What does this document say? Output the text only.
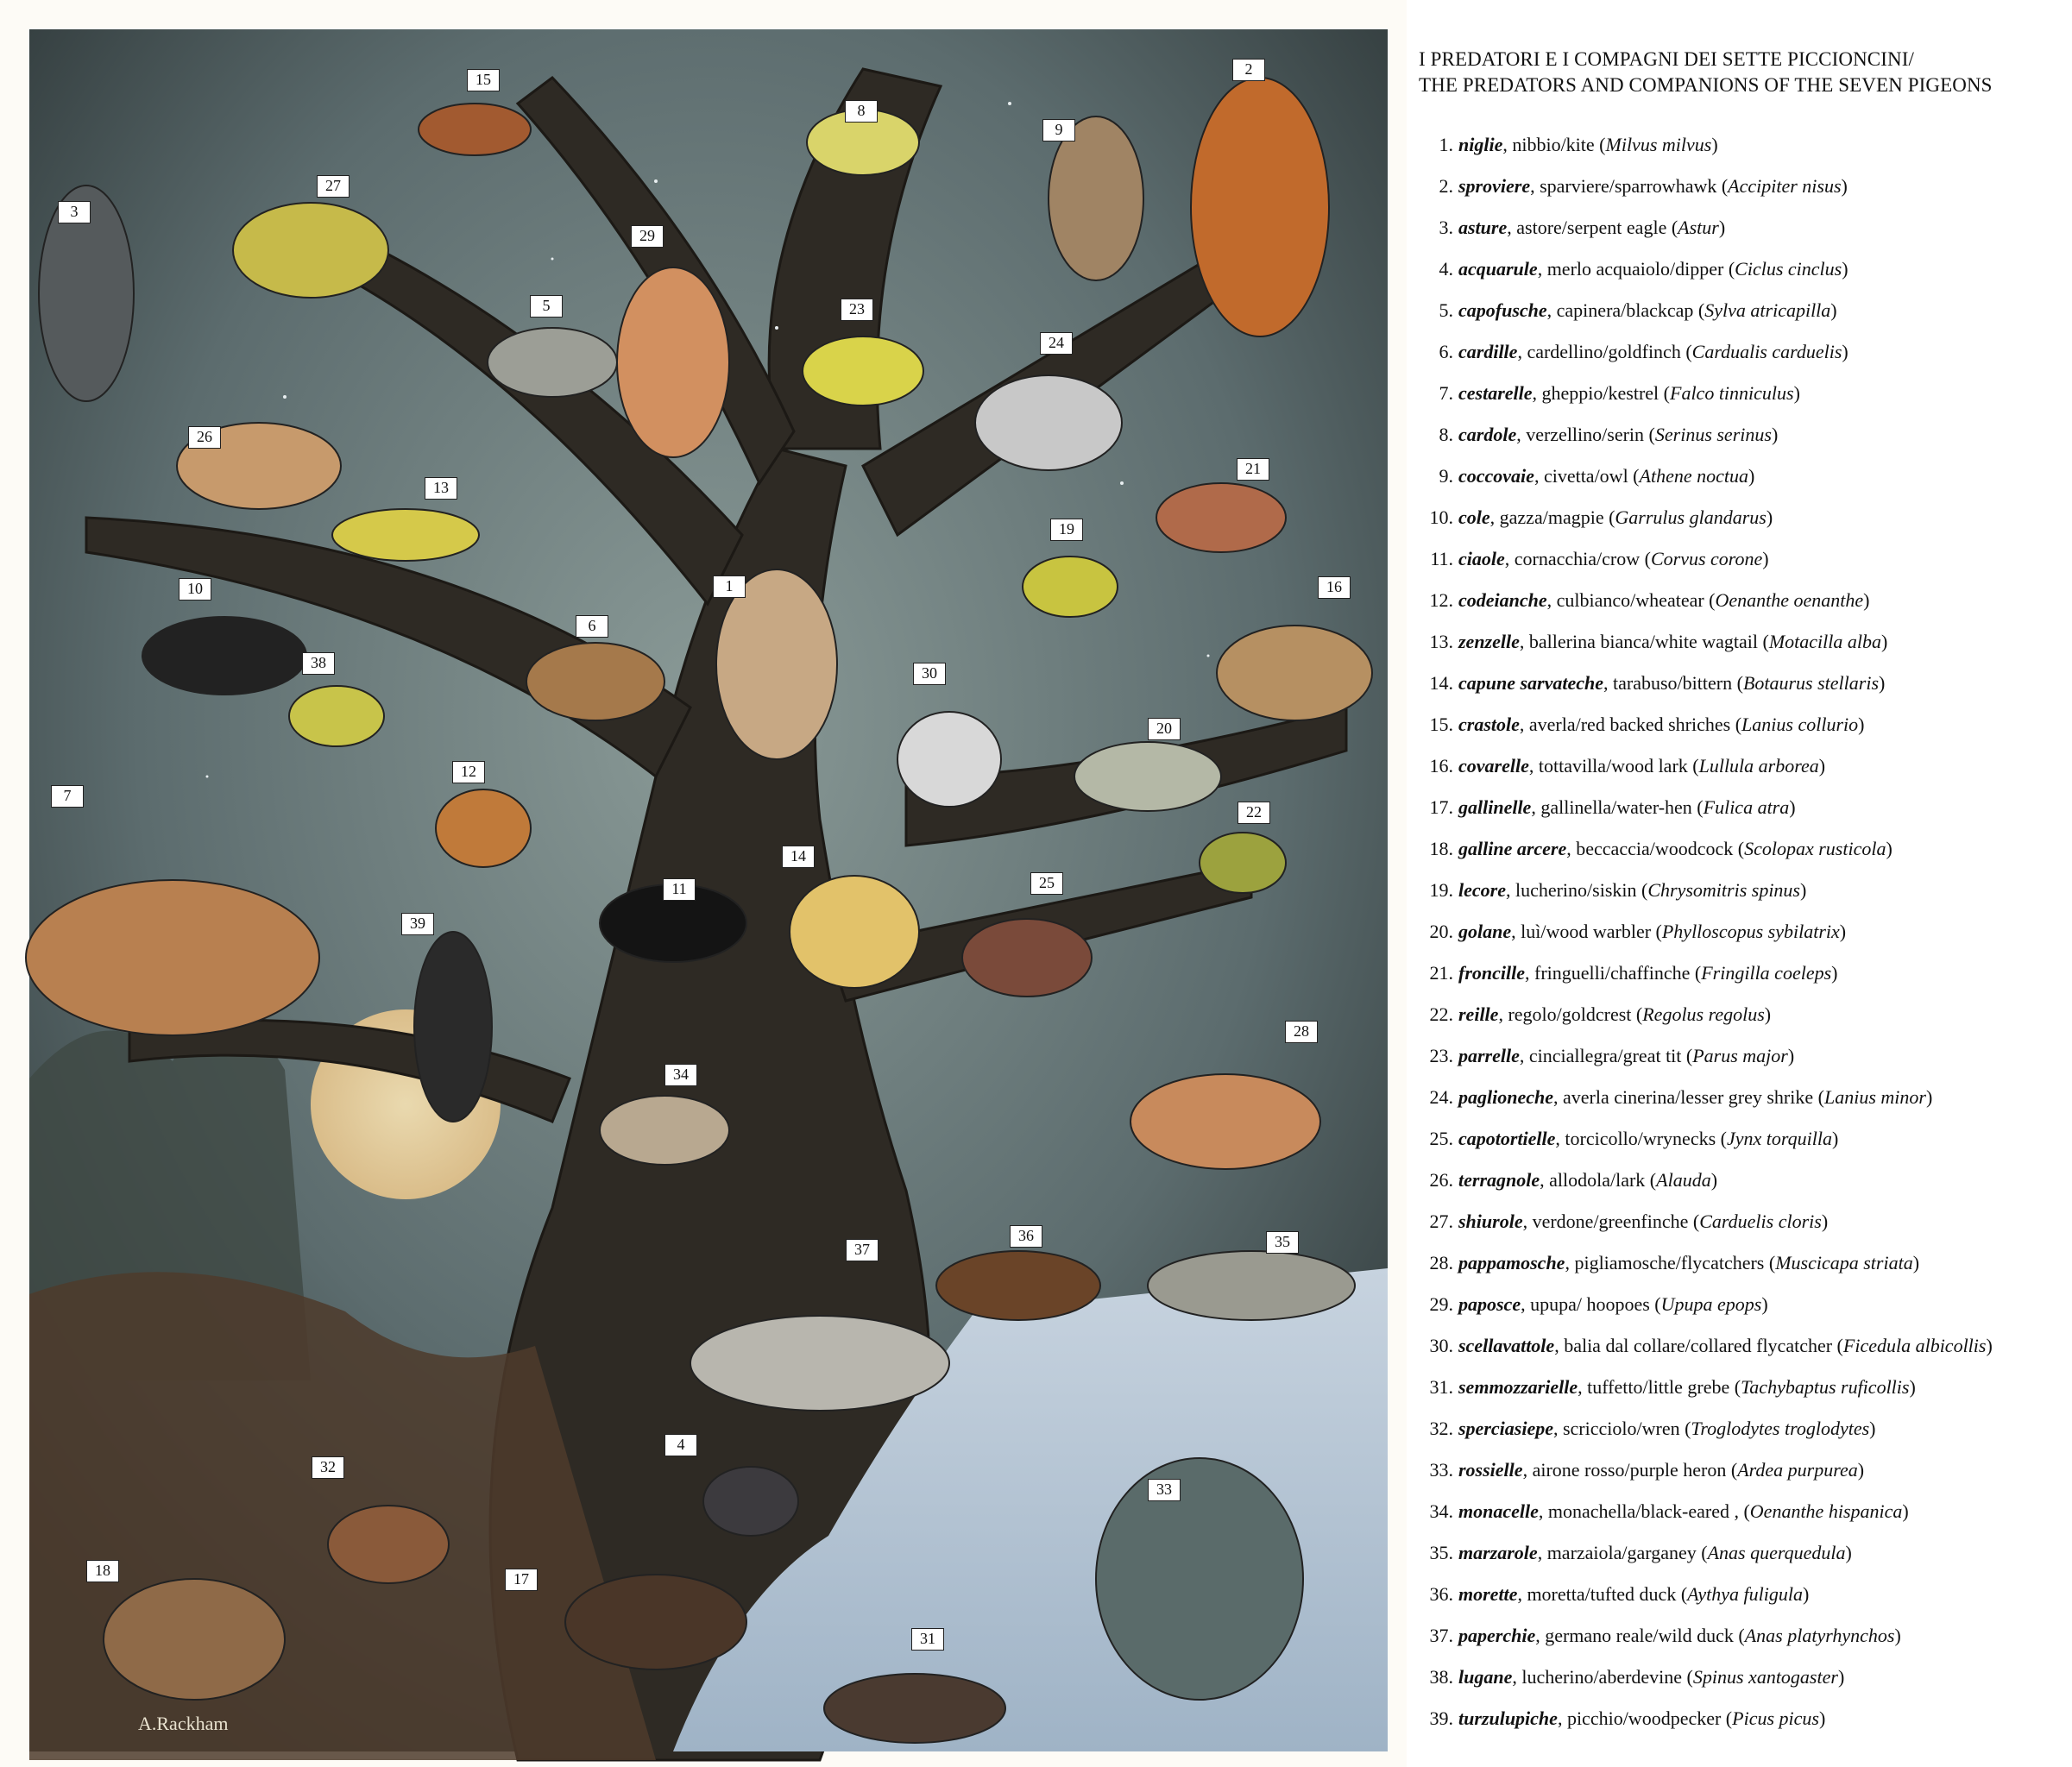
A.Rackham
15
2
8
27
9
3
29
5	23
24
26
13
21
1
19
16
10
6
38
30
20
12
7
22
14
11	25
39
28
34
37
36	35
4
32
33
18	17
31
I PREDATORI E I COMPAGNI DEI SETTE PICCIONCINI/
THE PREDATORS AND COMPANIONS OF THE SEVEN PIGEONS
1. niglie, nibbio/kite (Milvus milvus)
2. sproviere, sparviere/sparrowhawk (Accipiter nisus)
3. asture, astore/serpent eagle (Astur)
4. acquarule, merlo acquaiolo/dipper (Ciclus cinclus)
5. capofusche, capinera/blackcap (Sylva atricapilla)
6. cardille, cardellino/goldfinch (Cardualis carduelis)
7. cestarelle, gheppio/kestrel (Falco tinniculus)
8. cardole, verzellino/serin (Serinus serinus)
9. coccovaie, civetta/owl (Athene noctua)
10. cole, gazza/magpie (Garrulus glandarus)
11. ciaole, cornacchia/crow (Corvus corone)
12. codeianche, culbianco/wheatear (Oenanthe oenanthe)
13. zenzelle, ballerina bianca/white wagtail (Motacilla alba)
14. capune sarvateche, tarabuso/bittern (Botaurus stellaris)
15. crastole, averla/red backed shriches (Lanius collurio)
16. covarelle, tottavilla/wood lark (Lullula arborea)
17. gallinelle, gallinella/water-hen (Fulica atra)
18. galline arcere, beccaccia/woodcock (Scolopax rusticola)
19. lecore, lucherino/siskin (Chrysomitris spinus)
20. golane, luì/wood warbler (Phylloscopus sybilatrix)
21. froncille, fringuelli/chaffinche (Fringilla coeleps)
22. reille, regolo/goldcrest (Regolus regolus)
23. parrelle, cinciallegra/great tit (Parus major)
24. paglioneche, averla cinerina/lesser grey shrike (Lanius minor)
25. capotortielle, torcicollo/wrynecks (Jynx torquilla)
26. terragnole, allodola/lark (Alauda)
27. shiurole, verdone/greenfinche (Carduelis cloris)
28. pappamosche, pigliamosche/flycatchers (Muscicapa striata)
29. paposce, upupa/ hoopoes (Upupa epops)
30. scellavattole, balia dal collare/collared flycatcher (Ficedula albicollis)
31. semmozzarielle, tuffetto/little grebe (Tachybaptus ruficollis)
32. sperciasiepe, scricciolo/wren (Troglodytes troglodytes)
33. rossielle, airone rosso/purple heron (Ardea purpurea)
34. monacelle, monachella/black-eared , (Oenanthe hispanica)
35. marzarole, marzaiola/garganey (Anas querquedula)
36. morette, moretta/tufted duck (Aythya fuligula)
37. paperchie, germano reale/wild duck (Anas platyrhynchos)
38. lugane, lucherino/aberdevine (Spinus xantogaster)
39. turzulupiche, picchio/woodpecker (Picus picus)
